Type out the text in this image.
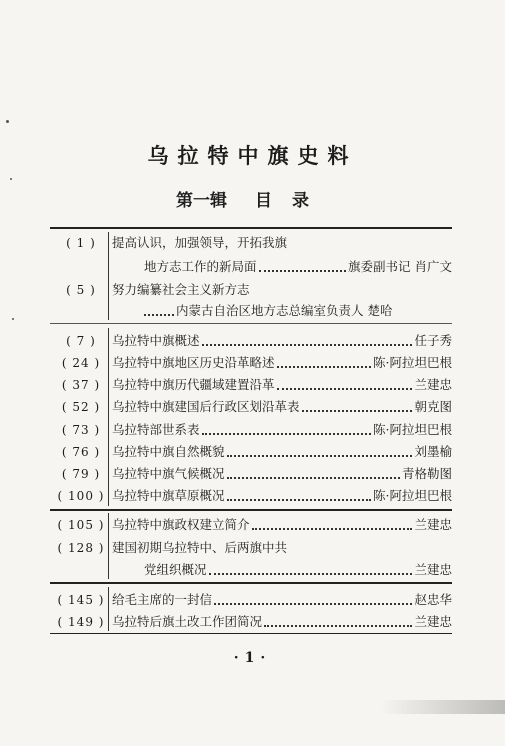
乌拉特中旗史料
第一辑 目录
( 1 )	提高认识，加强领导，开拓我旗
地方志工作的新局面	旗委副书记 肖广文
( 5 )	努力编纂社会主义新方志
内蒙古自治区地方志总编室负责人 楚哈
( 7 )	乌拉特中旗概述	任子秀
( 24 ) 乌拉特中旗地区历史沿革略述	陈·阿拉坦巴根
( 37 ) 乌拉特中旗历代疆域建置沿革	兰建忠
( 52 ) 乌拉特中旗建国后行政区划沿革表	朝克图
( 73 ) 乌拉特部世系表	陈·阿拉坦巴根
( 76 ) 乌拉特中旗自然概貌	刘墨榆
( 79 ) 乌拉特中旗气候概况	青格勒图
( 100 ) 乌拉特中旗草原概况	陈·阿拉坦巴根
( 105 ) 乌拉特中旗政权建立简介	兰建忠
( 128 ) 建国初期乌拉特中、后两旗中共
党组织概况	兰建忠
( 145 ) 给毛主席的一封信	赵忠华
( 149 ) 乌拉特后旗土改工作团简况	兰建忠
·1·
